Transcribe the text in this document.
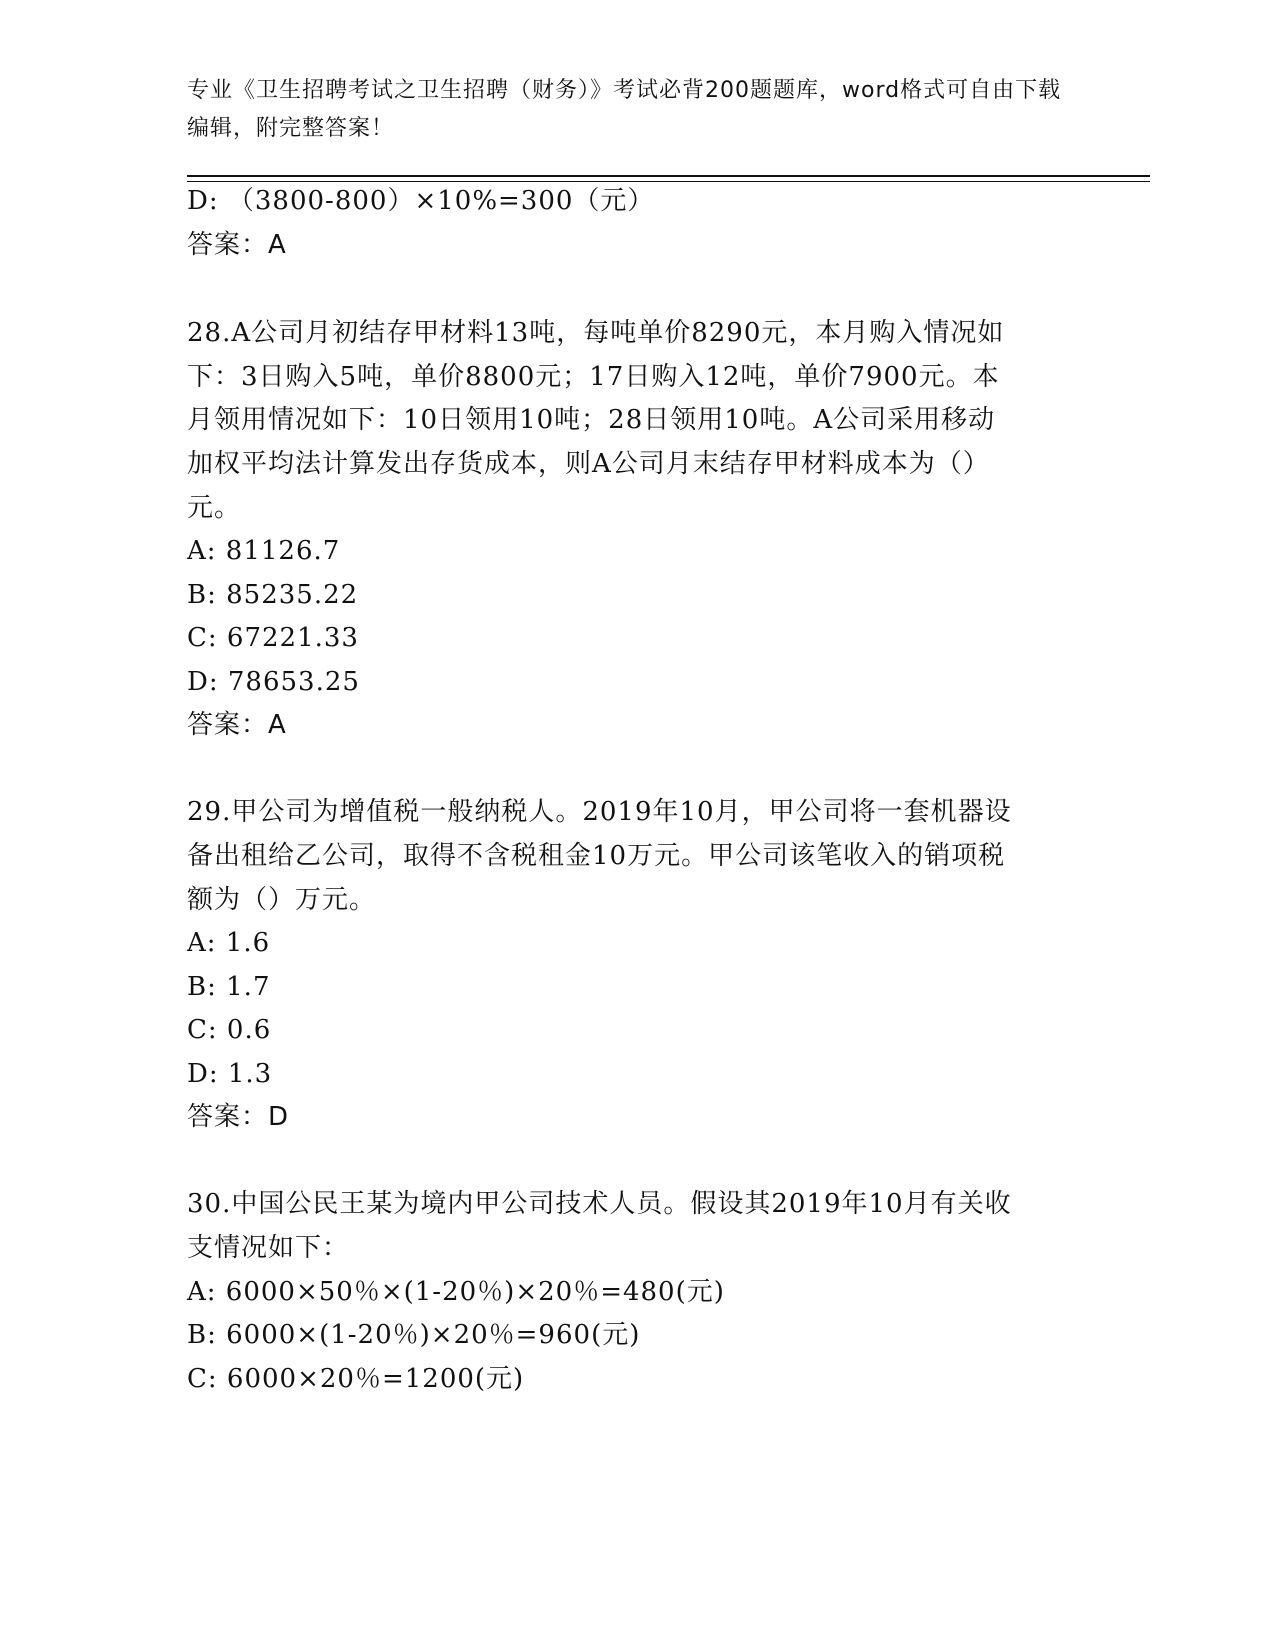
专业《卫生招聘考试之卫生招聘（财务）》考试必背200题题库，word格式可自由下载编辑，附完整答案！
D: （3800-800）×10%=300（元）
答案：A
28.A公司月初结存甲材料13吨，每吨单价8290元，本月购入情况如
下：3日购入5吨，单价8800元；17日购入12吨，单价7900元。本
月领用情况如下：10日领用10吨；28日领用10吨。A公司采用移动
加权平均法计算发出存货成本，则A公司月末结存甲材料成本为（）
元。
A: 81126.7
B: 85235.22
C: 67221.33
D: 78653.25
答案：A
29.甲公司为增值税一般纳税人。2019年10月，甲公司将一套机器设
备出租给乙公司，取得不含税租金10万元。甲公司该笔收入的销项税
额为（）万元。
A: 1.6
B: 1.7
C: 0.6
D: 1.3
答案：D
30.中国公民王某为境内甲公司技术人员。假设其2019年10月有关收
支情况如下：
A: 6000×50％×(1-20％)×20％=480(元)
B: 6000×(1-20％)×20％=960(元)
C: 6000×20％=1200(元)
